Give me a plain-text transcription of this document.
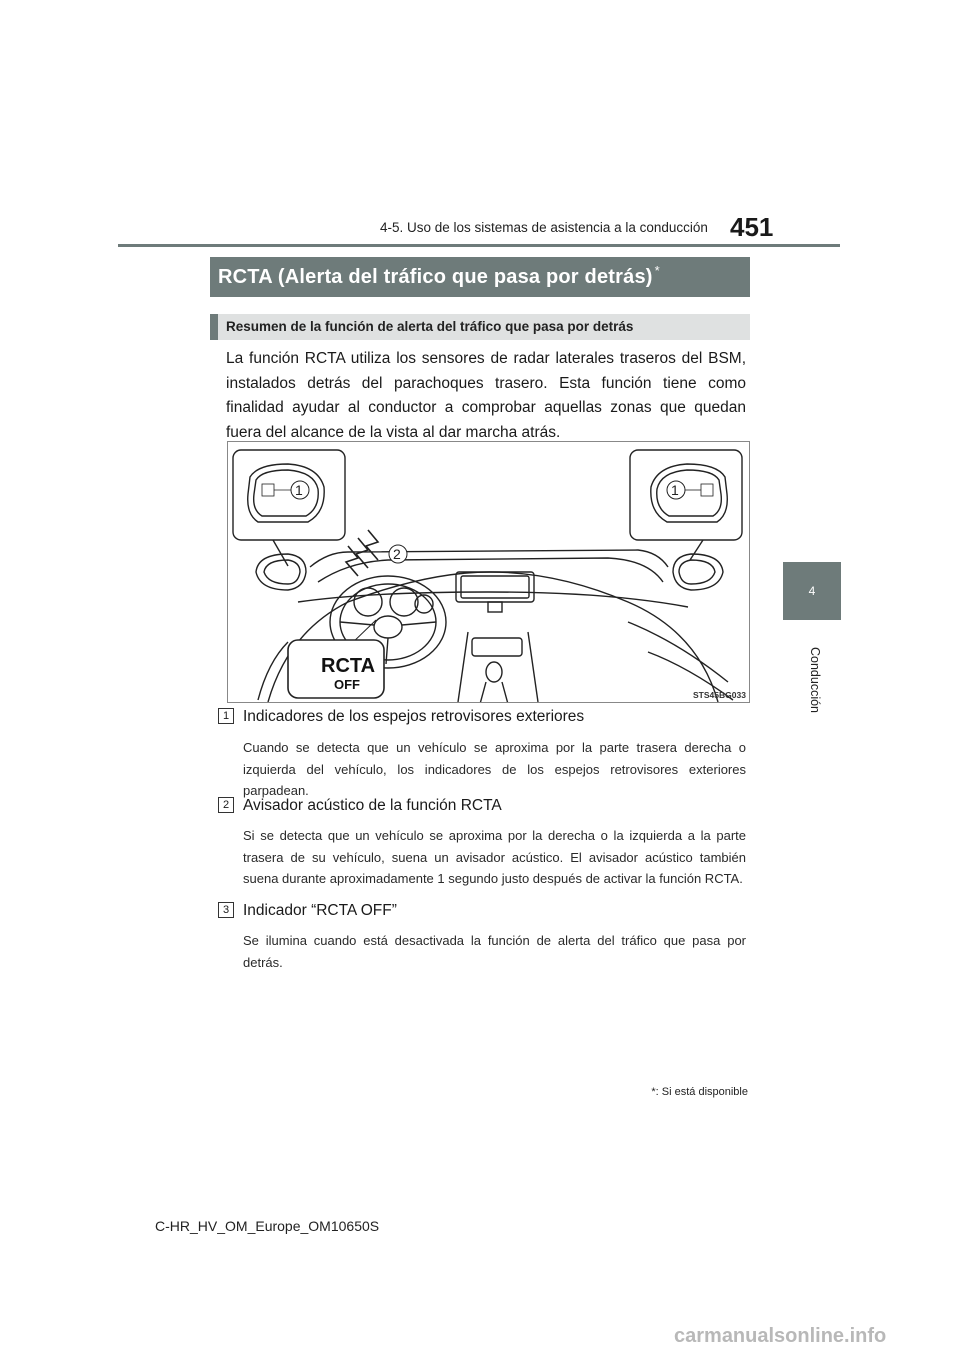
4-5. Uso de los sistemas de asistencia a la conducción 451
4
Conducción
RCTA (Alerta del tráfico que pasa por detrás) *
Resumen de la función de alerta del tráfico que pasa por detrás
La función RCTA utiliza los sensores de radar laterales traseros del BSM, instalados detrás del parachoques trasero. Esta función tiene como finalidad ayudar al conductor a comprobar aquellas zonas que quedan fuera del alcance de la vista al dar marcha atrás.
1	1
2
RCTA
OFF
STS45BG033
1 Indicadores de los espejos retrovisores exteriores
Cuando se detecta que un vehículo se aproxima por la parte trasera derecha o izquierda del vehículo, los indicadores de los espejos retrovisores exteriores parpadean.
2 Avisador acústico de la función RCTA
Si se detecta que un vehículo se aproxima por la derecha o la izquierda a la parte trasera de su vehículo, suena un avisador acústico. El avisador acústico también suena durante aproximadamente 1 segundo justo después de activar la función RCTA.
3 Indicador “RCTA OFF”
Se ilumina cuando está desactivada la función de alerta del tráfico que pasa por detrás.
*: Si está disponible
C-HR_HV_OM_Europe_OM10650S
carmanualsonline.info
